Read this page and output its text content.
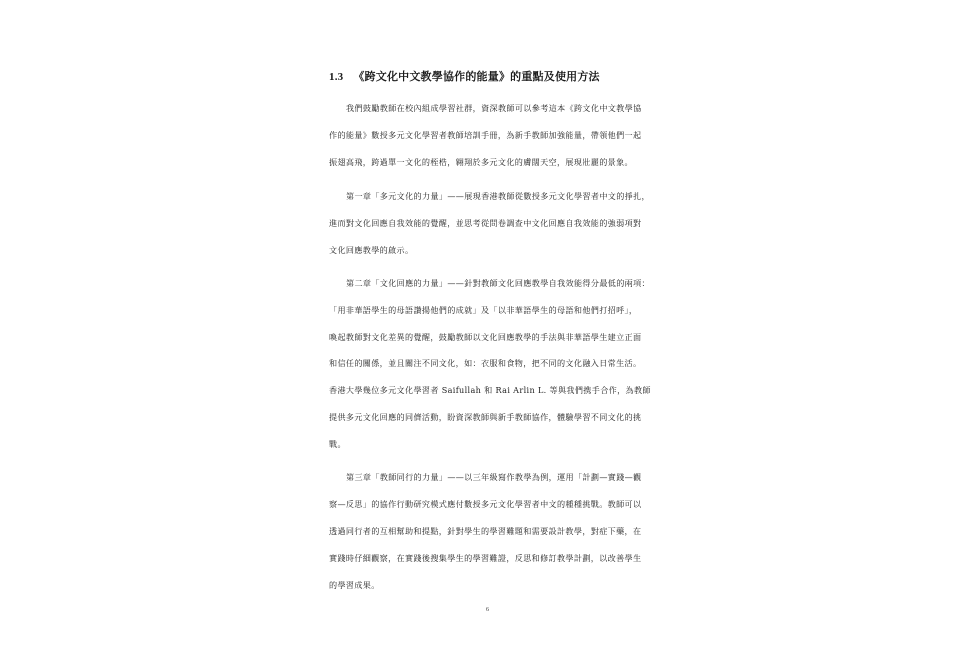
1.3 《跨文化中文教學協作的能量》的重點及使用方法
我們鼓勵教師在校內組成學習社群，資深教師可以參考這本《跨文化中文教學協
作的能量》數授多元文化學習者教師培訓手冊，為新手教師加強能量，帶領他們一起
振翅高飛，跨過單一文化的桎梏，翱翔於多元文化的膚闊天空，展現壯麗的景象。
第一章「多元文化的力量」——展現香港教師從數授多元文化學習者中文的掙扎，
進而對文化回應自我效能的覺醒，並思考從問卷調查中文化回應自我效能的強弱項對
文化回應教學的啟示。
第二章「文化回應的力量」——針對教師文化回應教學自我效能得分最低的兩項：
「用非華語學生的母語讚揚他們的成就」及「以非華語學生的母語和他們打招呼」，
喚起教師對文化差異的覺醒，鼓勵教師以文化回應教學的手法與非華語學生建立正面
和信任的關係，並且關注不同文化，如：衣服和食物，把不同的文化融入日常生活。
香港大學幾位多元文化學習者 Saifullah 和 Rai Arlin L. 等與我們携手合作，為教師
提供多元文化回應的同儕活動，盼資深教師與新手教師協作，體驗學習不同文化的挑
戰。
第三章「教師同行的力量」——以三年級寫作教學為例，運用「計劃—實踐—觀
察—反思」的協作行動研究模式應付數授多元文化學習者中文的種種挑戰。教師可以
透過同行者的互相幫助和提點，針對學生的學習難題和需要設計教學，對症下藥，在
實踐時仔細觀察，在實踐後搜集學生的學習難證，反思和修訂教學計劃，以改善學生
的學習成果。
6
